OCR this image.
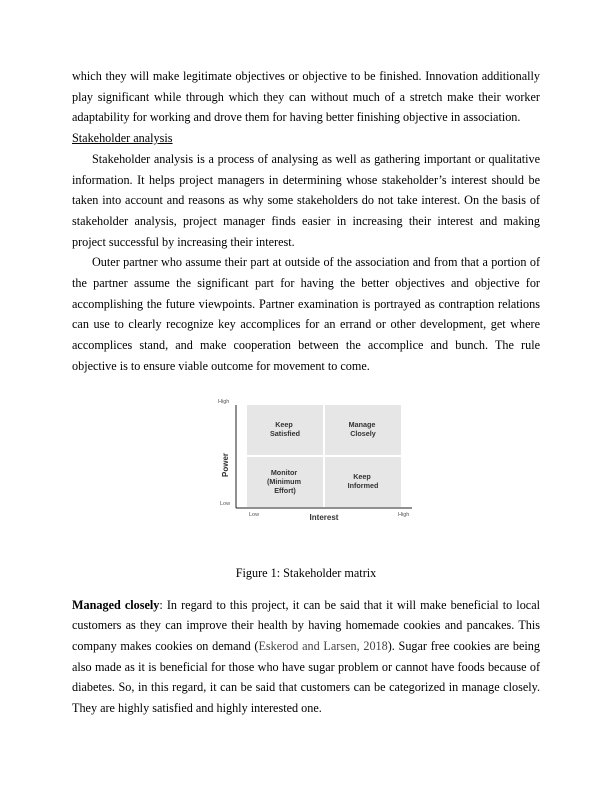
which they will make legitimate objectives or objective to be finished. Innovation additionally play significant while through which they can without much of a stretch make their worker adaptability for working and drove them for having better finishing objective in association.

Stakeholder analysis

Stakeholder analysis is a process of analysing as well as gathering important or qualitative information. It helps project managers in determining whose stakeholder’s interest should be taken into account and reasons as why some stakeholders do not take interest. On the basis of stakeholder analysis, project manager finds easier in increasing their interest and making project successful by increasing their interest.

Outer partner who assume their part at outside of the association and from that a portion of the partner assume the significant part for having the better objectives and objective for accomplishing the future viewpoints. Partner examination is portrayed as contraption relations can use to clearly recognize key accomplices for an errand or other development, get where accomplices stand, and make cooperation between the accomplice and bunch. The rule objective is to ensure viable outcome for movement to come.

High
Low
Low	High
Power
Interest
Keep Satisfied
Manage Closely
Monitor (Minimum Effort)
Keep Informed

Figure 1: Stakeholder matrix

Managed closely: In regard to this project, it can be said that it will make beneficial to local customers as they can improve their health by having homemade cookies and pancakes. This company makes cookies on demand (Eskerod and Larsen, 2018). Sugar free cookies are being also made as it is beneficial for those who have sugar problem or cannot have foods because of diabetes. So, in this regard, it can be said that customers can be categorized in manage closely. They are highly satisfied and highly interested one.
